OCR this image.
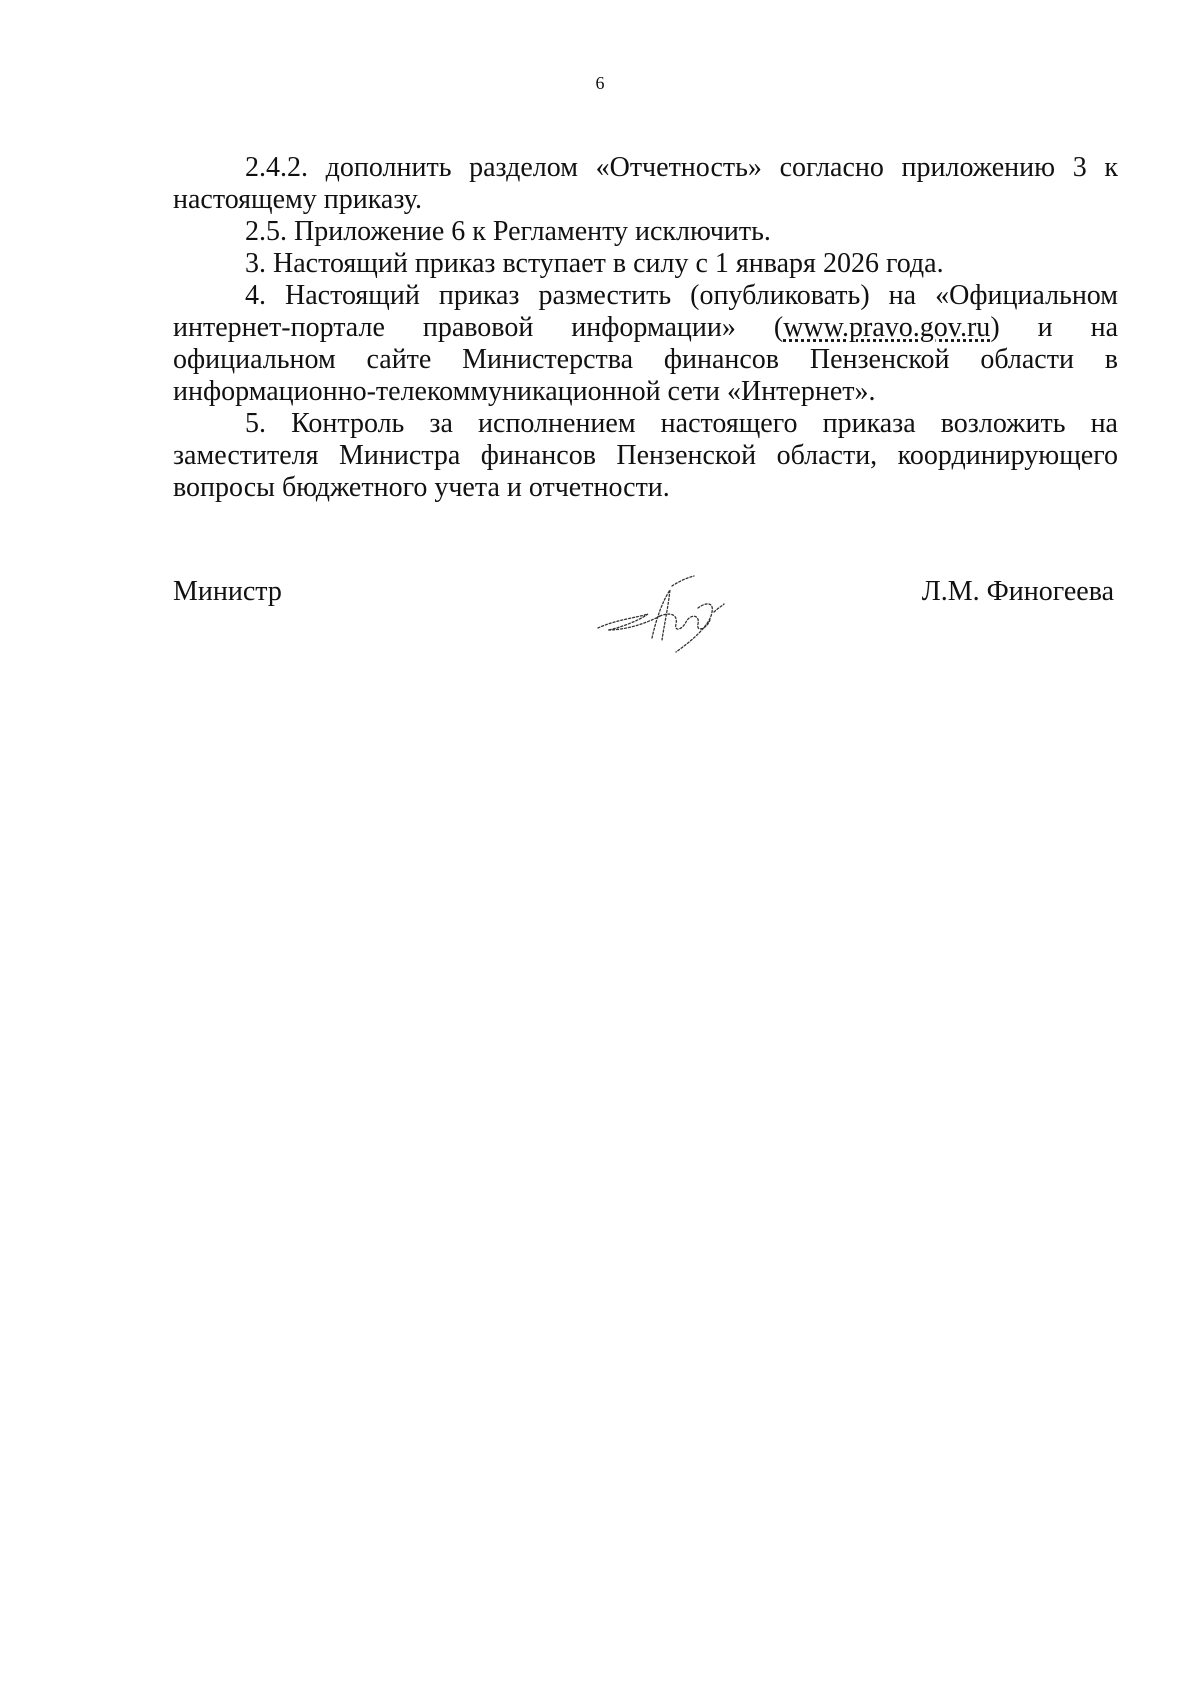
6

2.4.2. дополнить разделом «Отчетность» согласно приложению 3 к настоящему приказу.

2.5. Приложение 6 к Регламенту исключить.

3. Настоящий приказ вступает в силу с 1 января 2026 года.

4. Настоящий приказ разместить (опубликовать) на «Официальном интернет-портале правовой информации» (www.pravo.gov.ru) и на официальном сайте Министерства финансов Пензенской области в информационно-телекоммуникационной сети «Интернет».

5. Контроль за исполнением настоящего приказа возложить на заместителя Министра финансов Пензенской области, координирующего вопросы бюджетного учета и отчетности.

Министр	Л.М. Финогеева
